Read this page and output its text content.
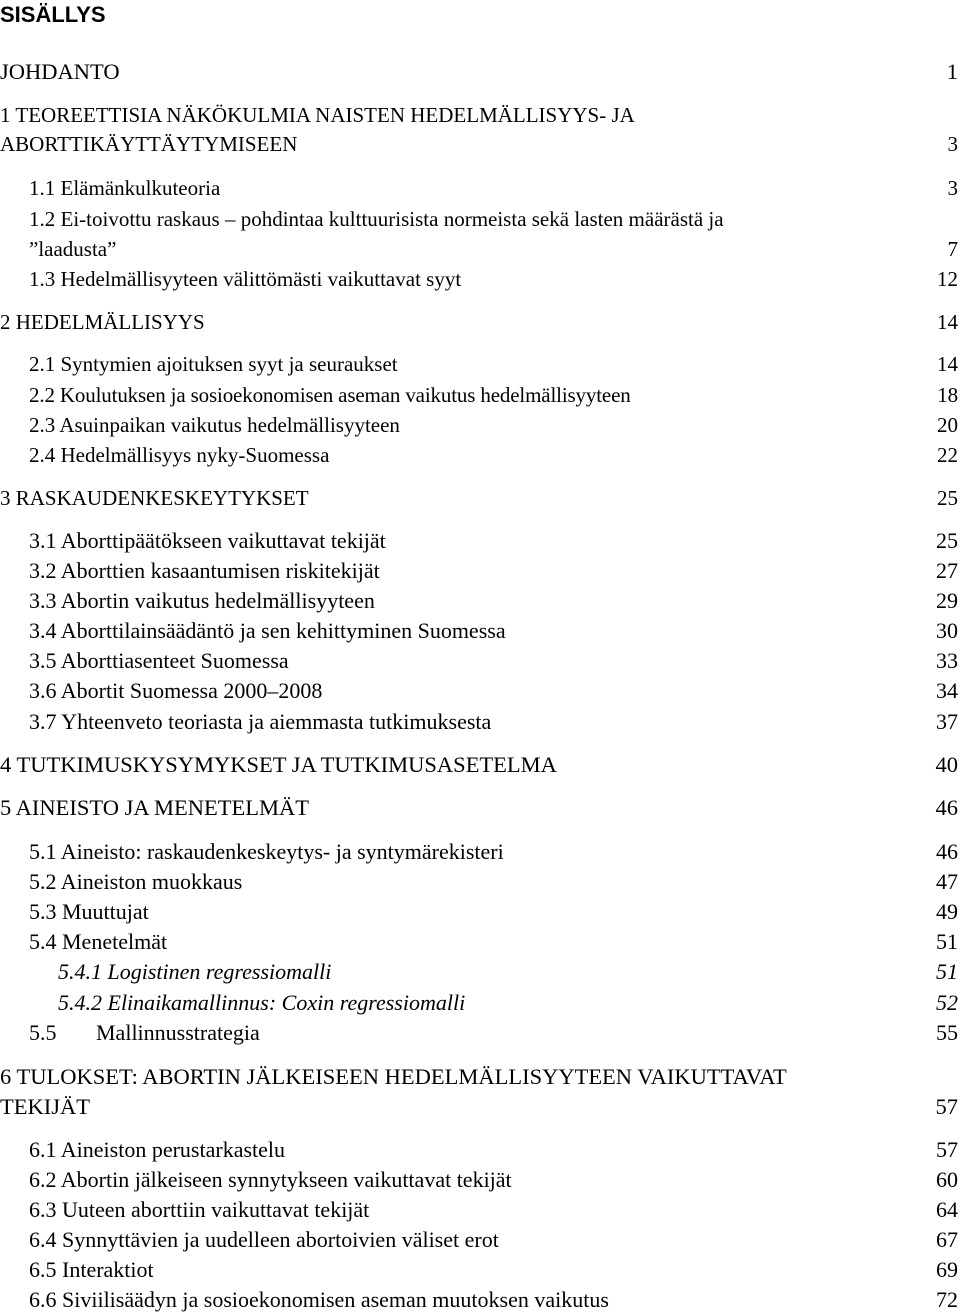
SISÄLLYS
JOHDANTO	1
1 TEOREETTISIA NÄKÖKULMIA NAISTEN HEDELMÄLLISYYS- JA
ABORTTIKÄYTTÄYTYMISEEN	3
1.1 Elämänkulkuteoria	3
1.2 Ei-toivottu raskaus – pohdintaa kulttuurisista normeista sekä lasten määrästä ja
”laadusta”	7
1.3 Hedelmällisyyteen välittömästi vaikuttavat syyt	12
2 HEDELMÄLLISYYS	14
2.1 Syntymien ajoituksen syyt ja seuraukset	14
2.2 Koulutuksen ja sosioekonomisen aseman vaikutus hedelmällisyyteen	18
2.3 Asuinpaikan vaikutus hedelmällisyyteen	20
2.4 Hedelmällisyys nyky-Suomessa	22
3 RASKAUDENKESKEYTYKSET	25
3.1 Aborttipäätökseen vaikuttavat tekijät	25
3.2 Aborttien kasaantumisen riskitekijät	27
3.3 Abortin vaikutus hedelmällisyyteen	29
3.4 Aborttilainsäädäntö ja sen kehittyminen Suomessa	30
3.5 Aborttiasenteet Suomessa	33
3.6 Abortit Suomessa 2000–2008	34
3.7 Yhteenveto teoriasta ja aiemmasta tutkimuksesta	37
4 TUTKIMUSKYSYMYKSET JA TUTKIMUSASETELMA	40
5 AINEISTO JA MENETELMÄT	46
5.1 Aineisto: raskaudenkeskeytys- ja syntymärekisteri	46
5.2 Aineiston muokkaus	47
5.3 Muuttujat	49
5.4 Menetelmät	51
5.4.1 Logistinen regressiomalli	51
5.4.2 Elinaikamallinnus: Coxin regressiomalli	52
5.5 Mallinnusstrategia	55
6 TULOKSET: ABORTIN JÄLKEISEEN HEDELMÄLLISYYTEEN VAIKUTTAVAT
TEKIJÄT	57
6.1 Aineiston perustarkastelu	57
6.2 Abortin jälkeiseen synnytykseen vaikuttavat tekijät	60
6.3 Uuteen aborttiin vaikuttavat tekijät	64
6.4 Synnyttävien ja uudelleen abortoivien väliset erot	67
6.5 Interaktiot	69
6.6 Siviilisäädyn ja sosioekonomisen aseman muutoksen vaikutus	72
